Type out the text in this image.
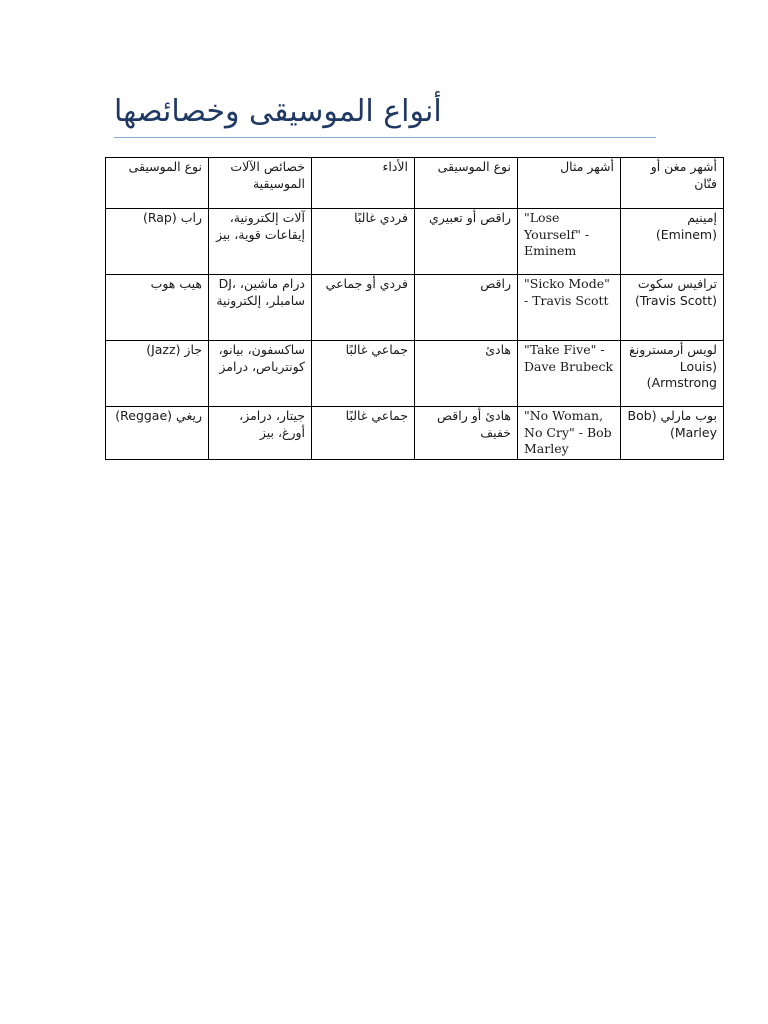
أنواع الموسيقى وخصائصها
نوع الموسيقى	خصائص الآلات الموسيقية	الأداء	نوع الموسيقى	أشهر مثال	أشهر مغن أو فنّان
راب (Rap)	آلات إلكترونية، إيقاعات قوية، بيز	فردي غالبًا	راقص أو تعبيري	"Lose Yourself" - Eminem	إمينيم (Eminem)
هيب هوب	DJ، درام ماشين، سامبلر، إلكترونية	فردي أو جماعي	راقص	"Sicko Mode" - Travis Scott	ترافيس سكوت (Travis Scott)
جاز (Jazz)	ساكسفون، بيانو، كونترباص، درامز	جماعي غالبًا	هادئ	"Take Five" - Dave Brubeck	لويس أرمسترونغ (Louis Armstrong)
ريغي (Reggae)	جيتار، درامز، أورغ، بيز	جماعي غالبًا	هادئ أو راقص خفيف	"No Woman, No Cry" - Bob Marley	بوب مارلي (Bob Marley)
